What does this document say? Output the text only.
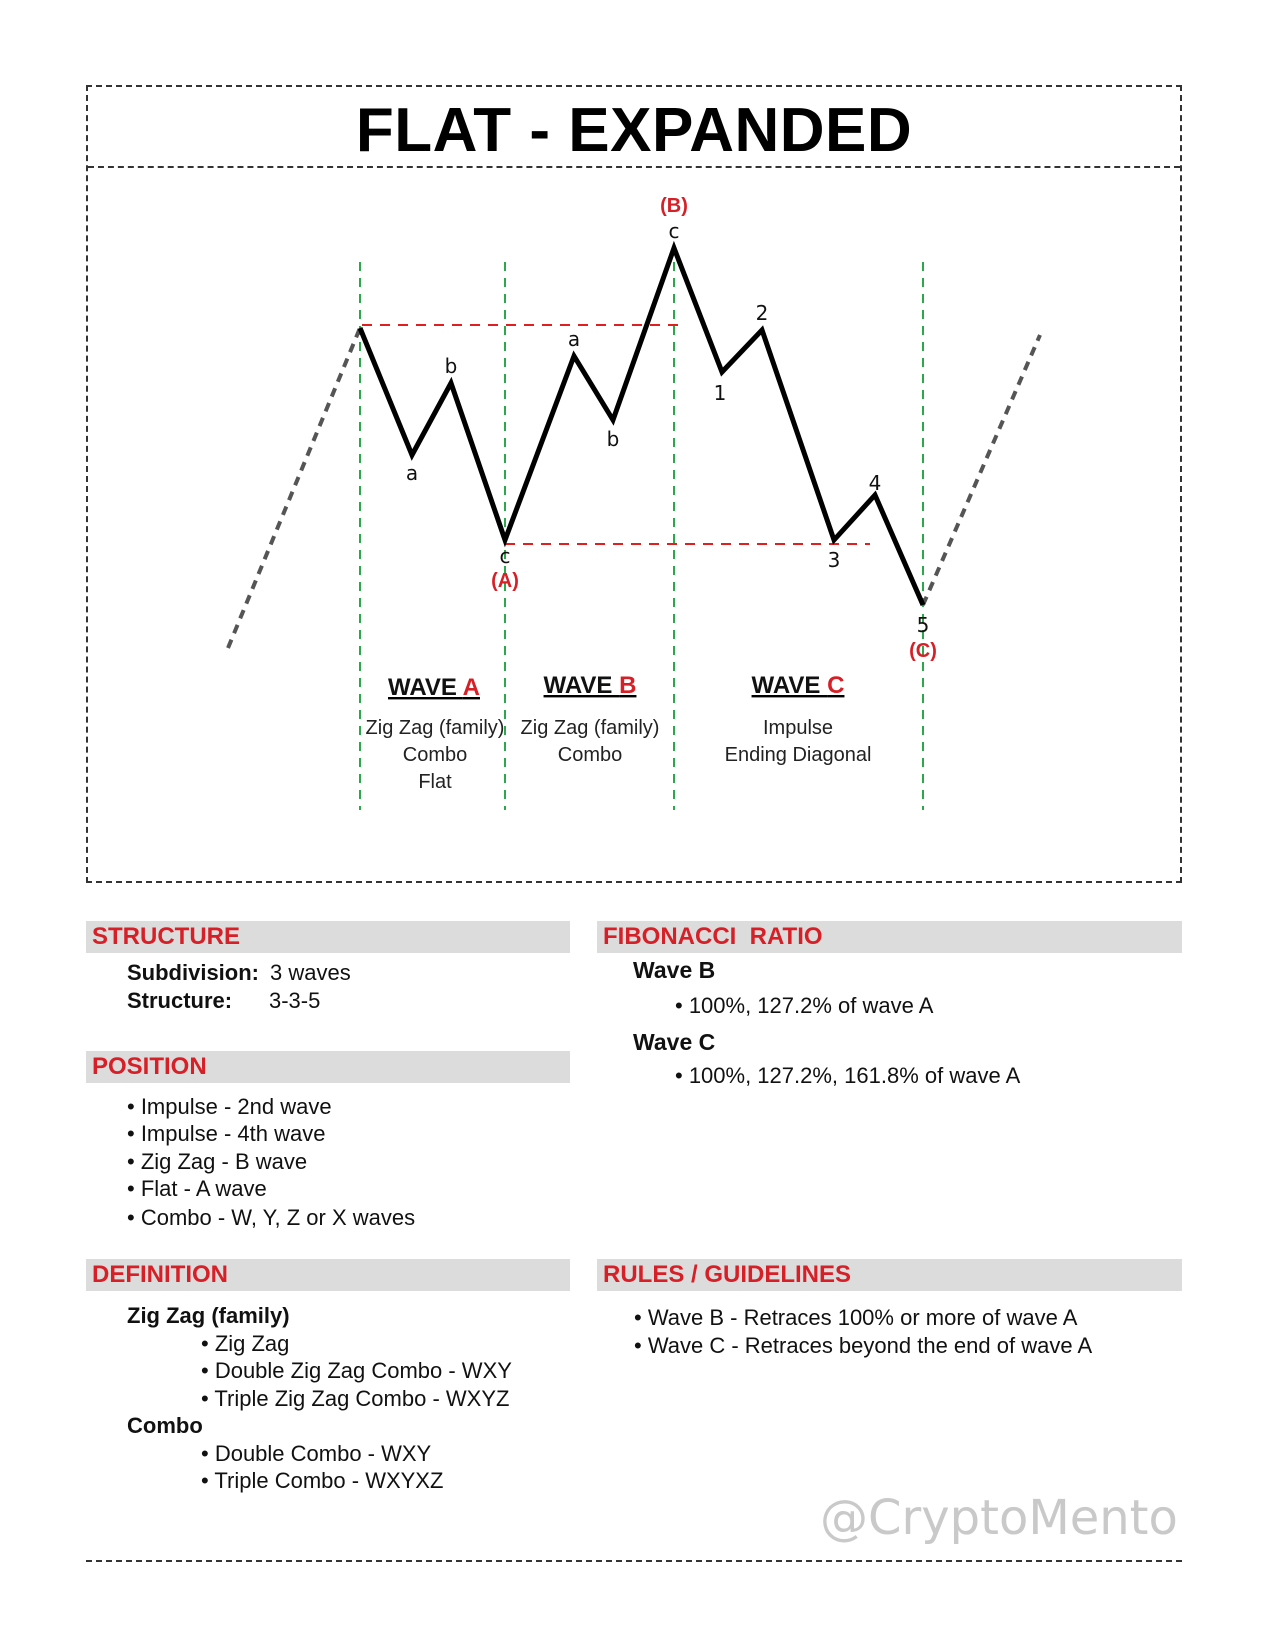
FLAT - EXPANDED
a
b
c
a
b
c
1
2
3
4
5
(B)
(A)
(C)
WAVE A	WAVE B	WAVE C
Zig Zag (family)
Combo
Flat
Zig Zag (family)
Combo
Impulse
Ending Diagonal
STRUCTURE
Subdivision: 3 waves
Structure: 3-3-5
POSITION
• Impulse - 2nd wave
• Impulse - 4th wave
• Zig Zag - B wave
• Flat - A wave
• Combo - W, Y, Z or X waves
DEFINITION
Zig Zag (family)
• Zig Zag
• Double Zig Zag Combo - WXY
• Triple Zig Zag Combo - WXYZ
Combo
• Double Combo - WXY
• Triple Combo - WXYXZ
FIBONACCI  RATIO
Wave B
• 100%, 127.2% of wave A
Wave C
• 100%, 127.2%, 161.8% of wave A
RULES / GUIDELINES
• Wave B - Retraces 100% or more of wave A
• Wave C - Retraces beyond the end of wave A
@CryptoMento
